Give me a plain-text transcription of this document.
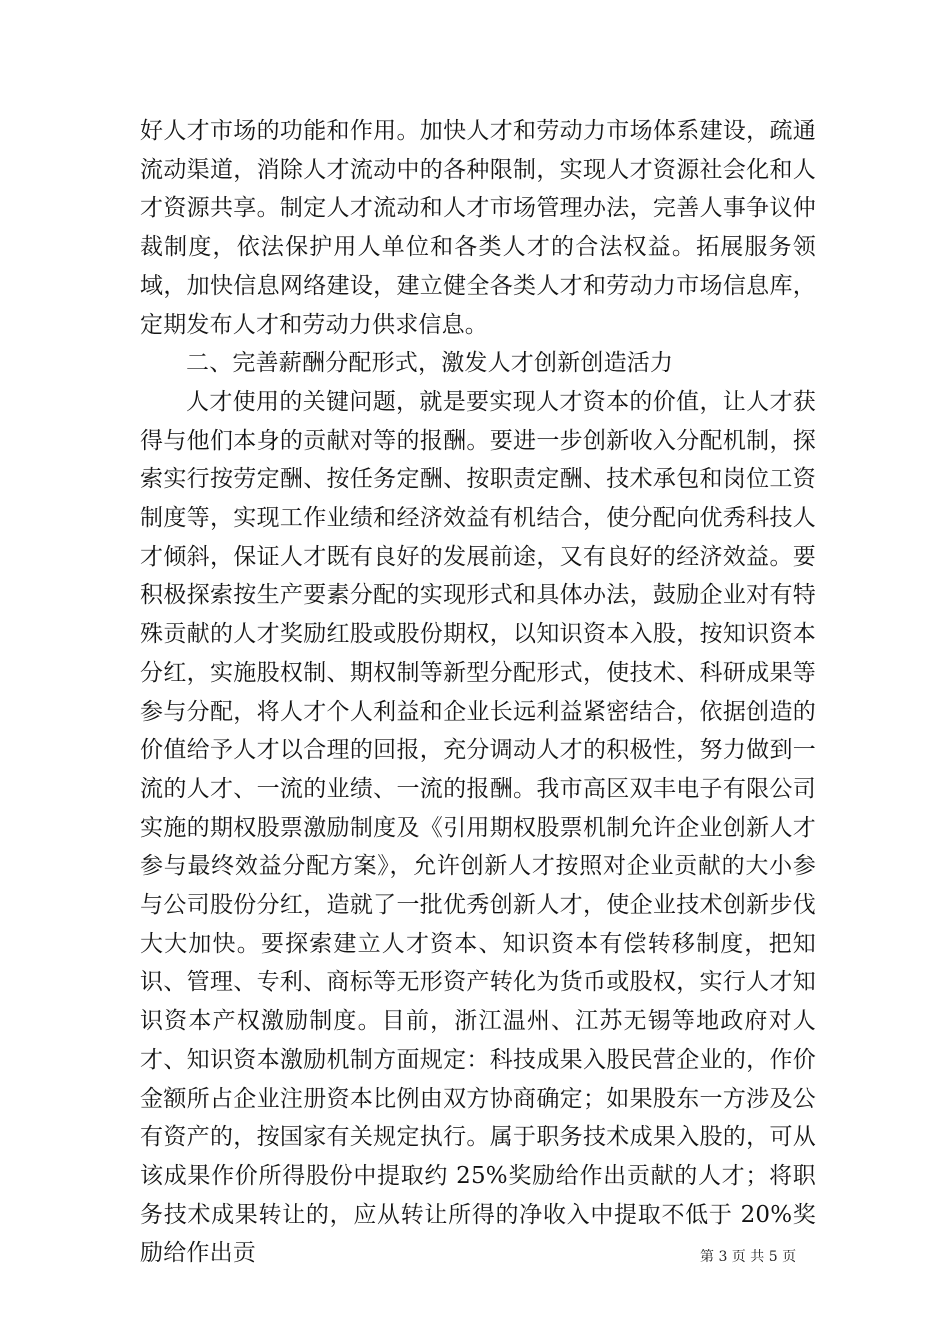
好人才市场的功能和作用。加快人才和劳动力市场体系建设，疏通流动渠道，消除人才流动中的各种限制，实现人才资源社会化和人才资源共享。制定人才流动和人才市场管理办法，完善人事争议仲裁制度，依法保护用人单位和各类人才的合法权益。拓展服务领域，加快信息网络建设，建立健全各类人才和劳动力市场信息库，定期发布人才和劳动力供求信息。

二、完善薪酬分配形式，激发人才创新创造活力

人才使用的关键问题，就是要实现人才资本的价值，让人才获得与他们本身的贡献对等的报酬。要进一步创新收入分配机制，探索实行按劳定酬、按任务定酬、按职责定酬、技术承包和岗位工资制度等，实现工作业绩和经济效益有机结合，使分配向优秀科技人才倾斜，保证人才既有良好的发展前途，又有良好的经济效益。要积极探索按生产要素分配的实现形式和具体办法，鼓励企业对有特殊贡献的人才奖励红股或股份期权，以知识资本入股，按知识资本分红，实施股权制、期权制等新型分配形式，使技术、科研成果等参与分配，将人才个人利益和企业长远利益紧密结合，依据创造的价值给予人才以合理的回报，充分调动人才的积极性，努力做到一流的人才、一流的业绩、一流的报酬。我市高区双丰电子有限公司实施的期权股票激励制度及《引用期权股票机制允许企业创新人才参与最终效益分配方案》，允许创新人才按照对企业贡献的大小参与公司股份分红，造就了一批优秀创新人才，使企业技术创新步伐大大加快。要探索建立人才资本、知识资本有偿转移制度，把知识、管理、专利、商标等无形资产转化为货币或股权，实行人才知识资本产权激励制度。目前，浙江温州、江苏无锡等地政府对人才、知识资本激励机制方面规定：科技成果入股民营企业的，作价金额所占企业注册资本比例由双方协商确定；如果股东一方涉及公有资产的，按国家有关规定执行。属于职务技术成果入股的，可从该成果作价所得股份中提取约 25%奖励给作出贡献的人才；将职务技术成果转让的，应从转让所得的净收入中提取不低于 20%奖励给作出贡	第 3 页 共 5 页
